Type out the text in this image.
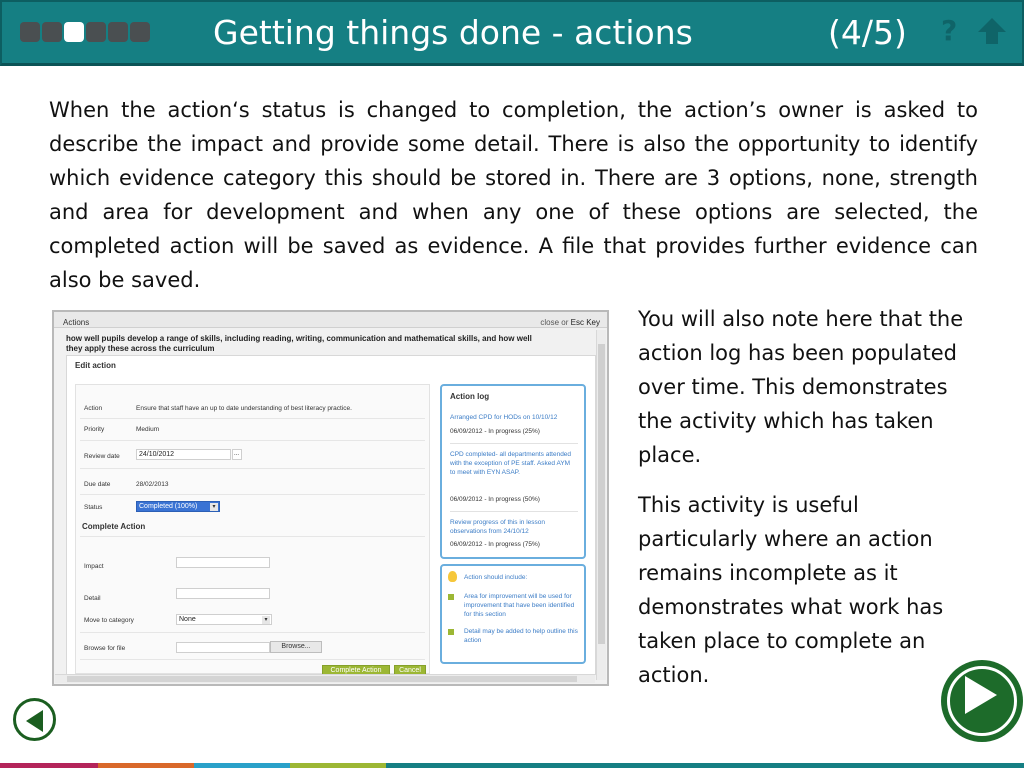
Getting things done - actions	(4/5) ?
When the action‘s status is changed to completion, the action’s owner is asked to describe the impact and provide some detail. There is also the opportunity to identify which evidence category this should be stored in. There are 3 options, none, strength and area for development and when any one of these options are selected, the completed action will be saved as evidence. A file that provides further evidence can also be saved.
Actions	close or Esc Key
how well pupils develop a range of skills, including reading, writing, communication and mathematical skills, and how well they apply these across the curriculum
Edit action
Action	Ensure that staff have an up to date understanding of best literacy practice.
Priority	Medium
Review date	24/10/2012	...
Due date	28/02/2013
Status	Completed (100%)	▾
Complete Action
Impact
Detail
Move to category	None	▾
Browse for file	Browse...
Complete Action	Cancel
Action log
Arranged CPD for HODs on 10/10/12
06/09/2012 - In progress (25%)
CPD completed- all departments attended with the exception of PE staff. Asked AYM to meet with EYN ASAP.
06/09/2012 - In progress (50%)
Review progress of this in lesson observations from 24/10/12
06/09/2012 - In progress (75%)
Action should include:
Area for improvement will be used for improvement that have been identified for this section
Detail may be added to help outline this action

You will also note here that the action log has been populated over time. This demonstrates the activity which has taken place.

This activity is useful particularly where an action remains incomplete as it demonstrates what work has taken place to complete an action.
